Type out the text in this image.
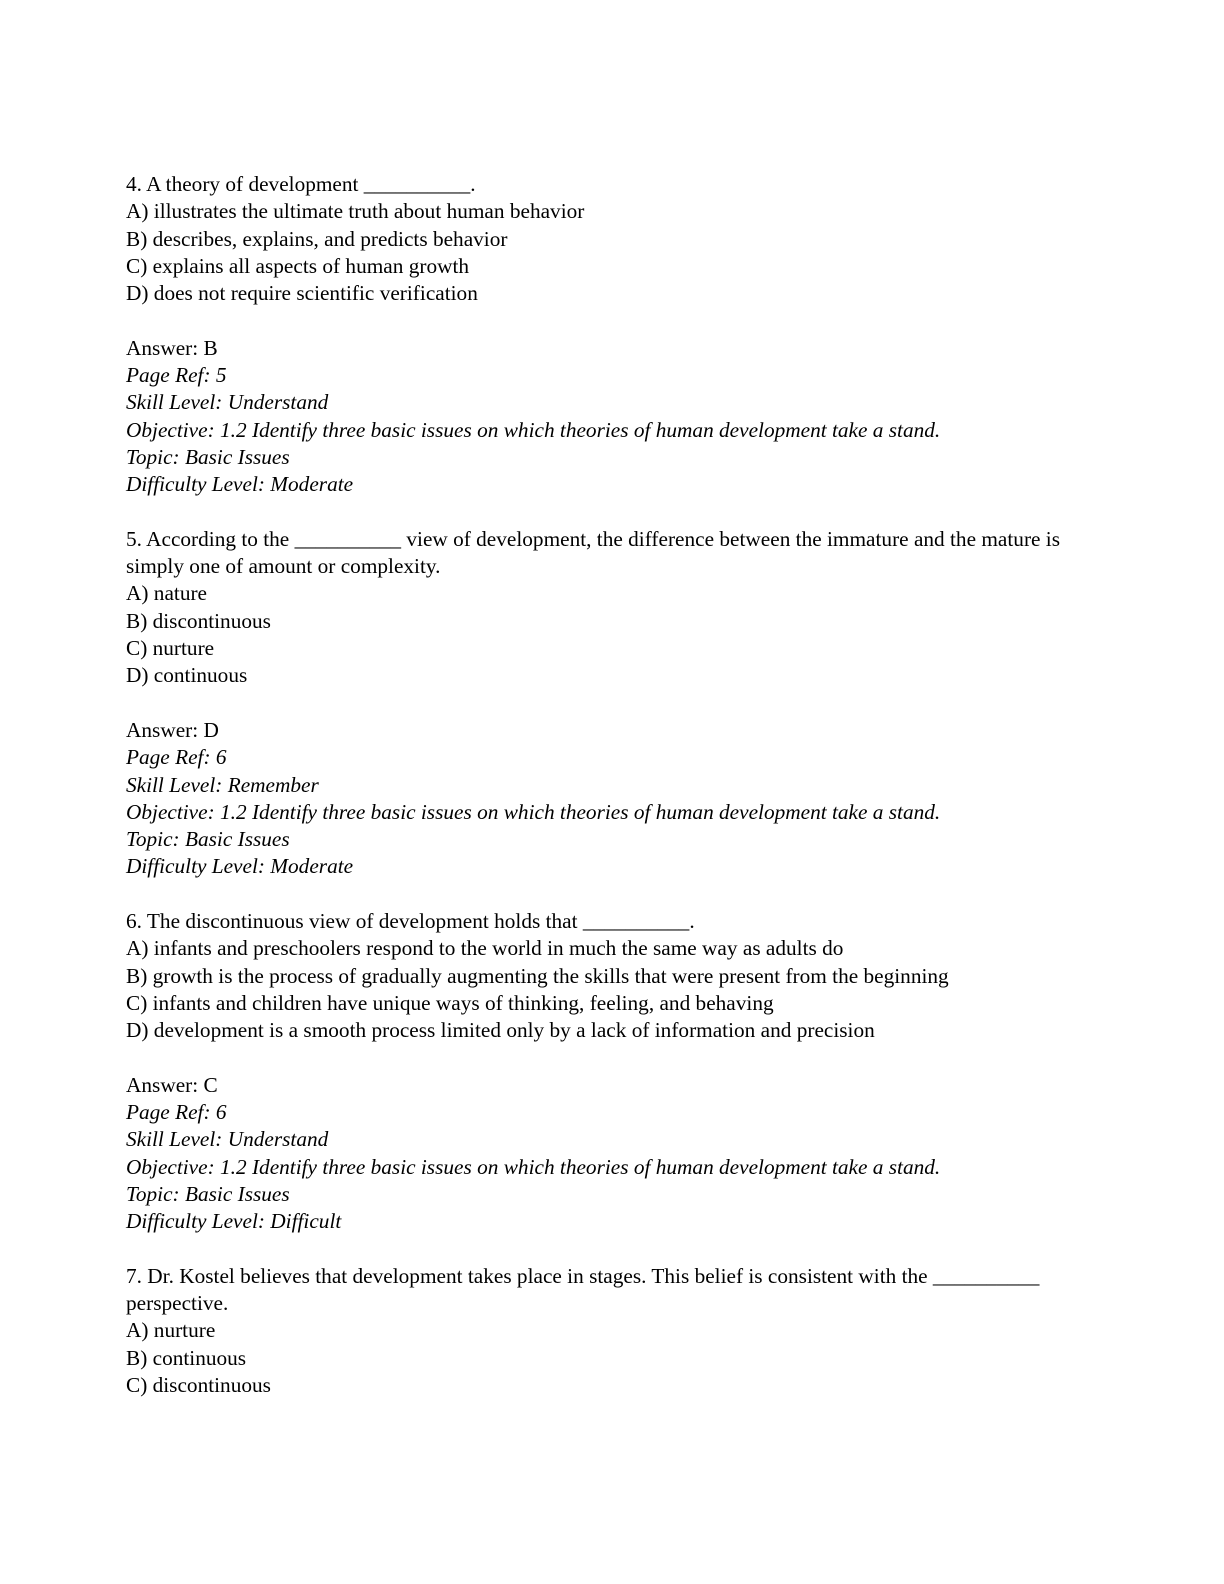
4. A theory of development __________.
A) illustrates the ultimate truth about human behavior
B) describes, explains, and predicts behavior
C) explains all aspects of human growth
D) does not require scientific verification
Answer: B
Page Ref: 5
Skill Level: Understand
Objective: 1.2 Identify three basic issues on which theories of human development take a stand.
Topic: Basic Issues
Difficulty Level: Moderate
5. According to the __________ view of development, the difference between the immature and the mature is simply one of amount or complexity.
A) nature
B) discontinuous
C) nurture
D) continuous
Answer: D
Page Ref: 6
Skill Level: Remember
Objective: 1.2 Identify three basic issues on which theories of human development take a stand.
Topic: Basic Issues
Difficulty Level: Moderate
6. The discontinuous view of development holds that __________.
A) infants and preschoolers respond to the world in much the same way as adults do
B) growth is the process of gradually augmenting the skills that were present from the beginning
C) infants and children have unique ways of thinking, feeling, and behaving
D) development is a smooth process limited only by a lack of information and precision
Answer: C
Page Ref: 6
Skill Level: Understand
Objective: 1.2 Identify three basic issues on which theories of human development take a stand.
Topic: Basic Issues
Difficulty Level: Difficult
7. Dr. Kostel believes that development takes place in stages. This belief is consistent with the __________ perspective.
A) nurture
B) continuous
C) discontinuous
